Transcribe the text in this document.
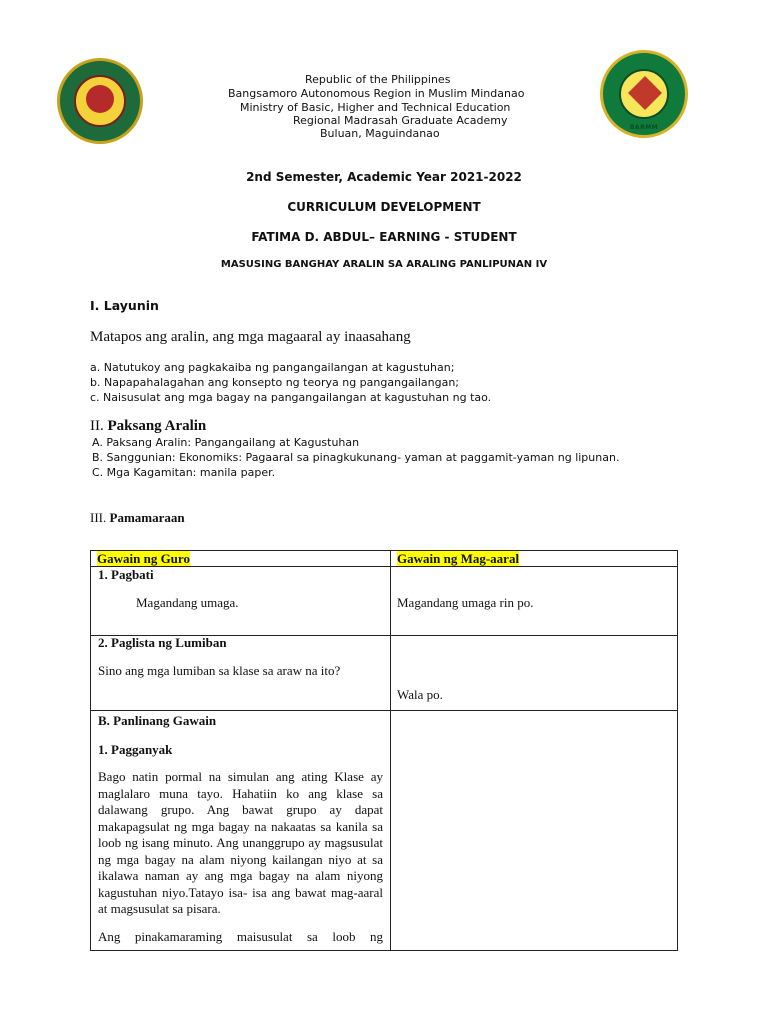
BARMM
Republic of the Philippines
Bangsamoro Autonomous Region in Muslim Mindanao
Ministry of Basic, Higher and Technical Education
Regional Madrasah Graduate Academy
Buluan, Maguindanao
2nd Semester, Academic Year 2021-2022
CURRICULUM DEVELOPMENT
FATIMA D. ABDUL– EARNING - STUDENT
MASUSING BANGHAY ARALIN SA ARALING PANLIPUNAN IV
I. Layunin
Matapos ang aralin, ang mga magaaral ay inaasahang
a. Natutukoy ang pagkakaiba ng pangangailangan at kagustuhan;
b. Napapahalagahan ang konsepto ng teorya ng pangangailangan;
c. Naisusulat ang mga bagay na pangangailangan at kagustuhan ng tao.
II. Paksang Aralin
A. Paksang Aralin: Pangangailang at Kagustuhan
B. Sanggunian: Ekonomiks: Pagaaral sa pinagkukunang- yaman at paggamit-yaman ng lipunan.
C. Mga Kagamitan: manila paper.
III. Pamamaraan
Gawain ng Guro	Gawain ng Mag-aaral
1. Pagbati
Magandang umaga.	Magandang umaga rin po.
2. Paglista ng Lumiban
Sino ang mga lumiban sa klase sa araw na ito?
Wala po.
B. Panlinang Gawain
1. Pagganyak
Bago natin pormal na simulan ang ating Klase ay maglalaro muna tayo. Hahatiin ko ang klase sa dalawang grupo. Ang bawat grupo ay dapat makapagsulat ng mga bagay na nakaatas sa kanila sa loob ng isang minuto. Ang unanggrupo ay magsusulat ng mga bagay na alam niyong kailangan niyo at sa ikalawa naman ay ang mga bagay na alam niyong kagustuhan niyo.Tatayo isa- isa ang bawat mag-aaral at magsusulat sa pisara.
Ang pinakamaraming maisusulat sa loob ng
